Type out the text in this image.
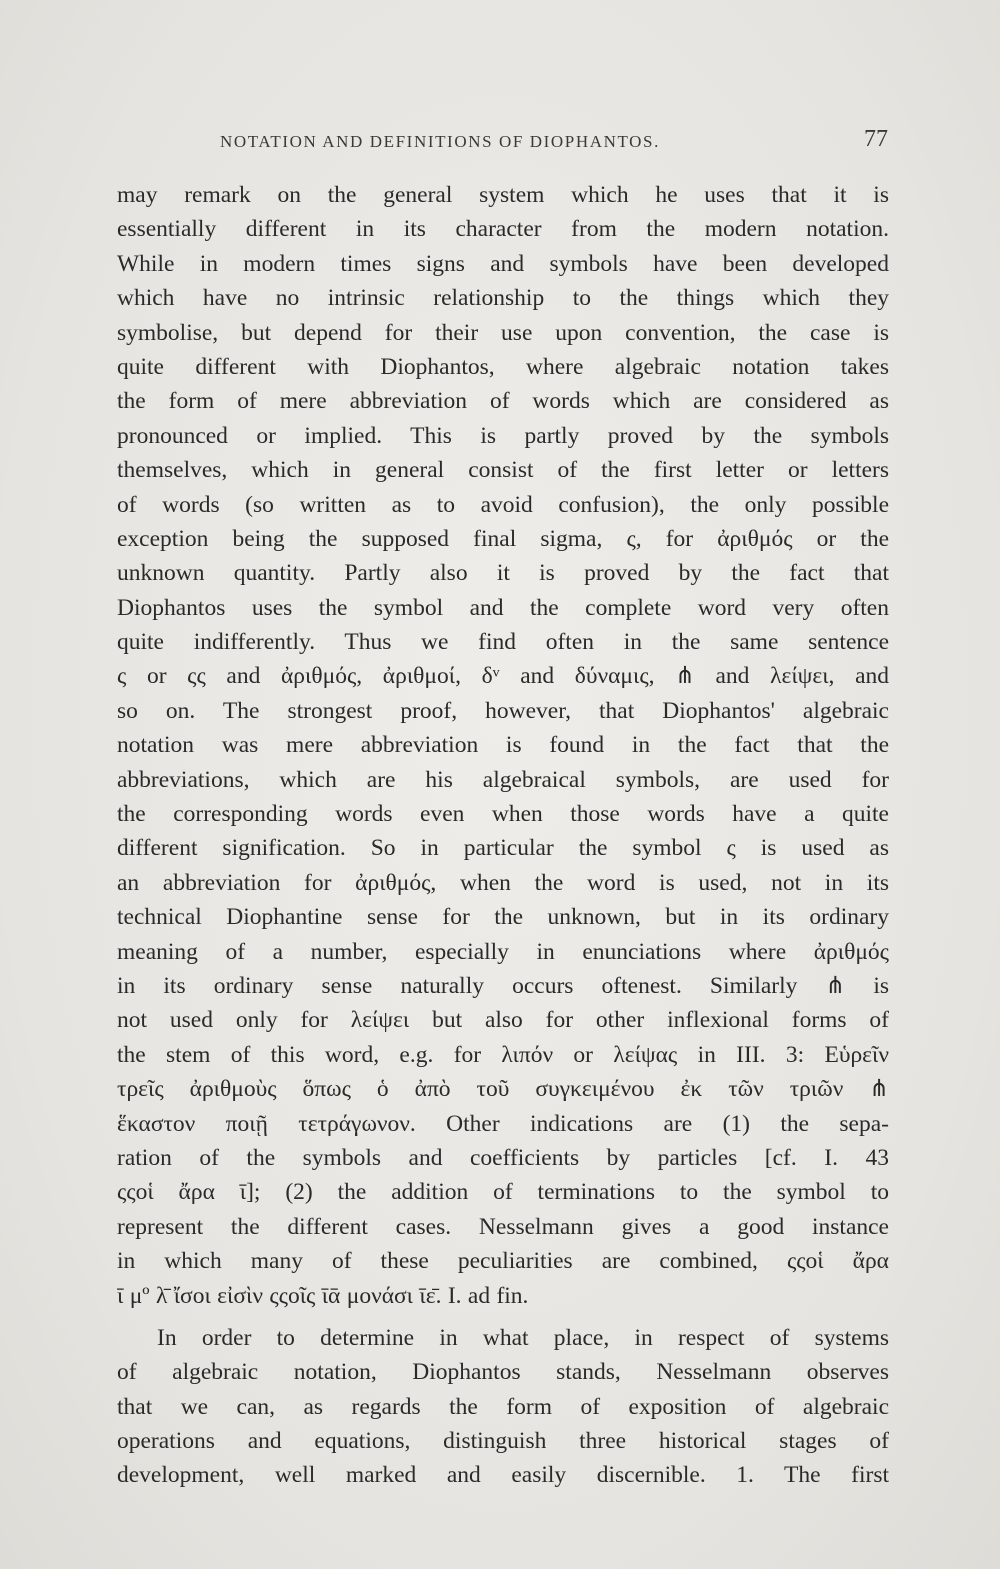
NOTATION AND DEFINITIONS OF DIOPHANTOS.	77
may remark on the general system which he uses that it is
essentially different in its character from the modern notation.
While in modern times signs and symbols have been developed
which have no intrinsic relationship to the things which they
symbolise, but depend for their use upon convention, the case is
quite different with Diophantos, where algebraic notation takes
the form of mere abbreviation of words which are considered as
pronounced or implied. This is partly proved by the symbols
themselves, which in general consist of the first letter or letters
of words (so written as to avoid confusion), the only possible
exception being the supposed final sigma, ς, for ἀριθμός or the
unknown quantity. Partly also it is proved by the fact that
Diophantos uses the symbol and the complete word very often
quite indifferently. Thus we find often in the same sentence
ς or ςς and ἀριθμός, ἀριθμοί, δᵛ and δύναμις, ⋔ and λείψει, and
so on. The strongest proof, however, that Diophantos' algebraic
notation was mere abbreviation is found in the fact that the
abbreviations, which are his algebraical symbols, are used for
the corresponding words even when those words have a quite
different signification. So in particular the symbol ς is used as
an abbreviation for ἀριθμός, when the word is used, not in its
technical Diophantine sense for the unknown, but in its ordinary
meaning of a number, especially in enunciations where ἀριθμός
in its ordinary sense naturally occurs oftenest. Similarly ⋔ is
not used only for λείψει but also for other inflexional forms of
the stem of this word, e.g. for λιπόν or λείψας in III. 3: Εὑρεῖν
τρεῖς ἀριθμοὺς ὅπως ὁ ἀπὸ τοῦ συγκειμένου ἐκ τῶν τριῶν ⋔
ἕκαστον ποιῇ τετράγωνον. Other indications are (1) the sepa-
ration of the symbols and coefficients by particles [cf. I. 43
ςςοἱ ἄρα ῑ]; (2) the addition of terminations to the symbol to
represent the different cases. Nesselmann gives a good instance
in which many of these peculiarities are combined, ςςοἱ ἄρα
ῑ μº λ̄ ἴσοι εἰσὶν ςςοῖς ῑᾱ μονάσι ῑε̄. I. ad fin.
In order to determine in what place, in respect of systems
of algebraic notation, Diophantos stands, Nesselmann observes
that we can, as regards the form of exposition of algebraic
operations and equations, distinguish three historical stages of
development, well marked and easily discernible. 1. The first
